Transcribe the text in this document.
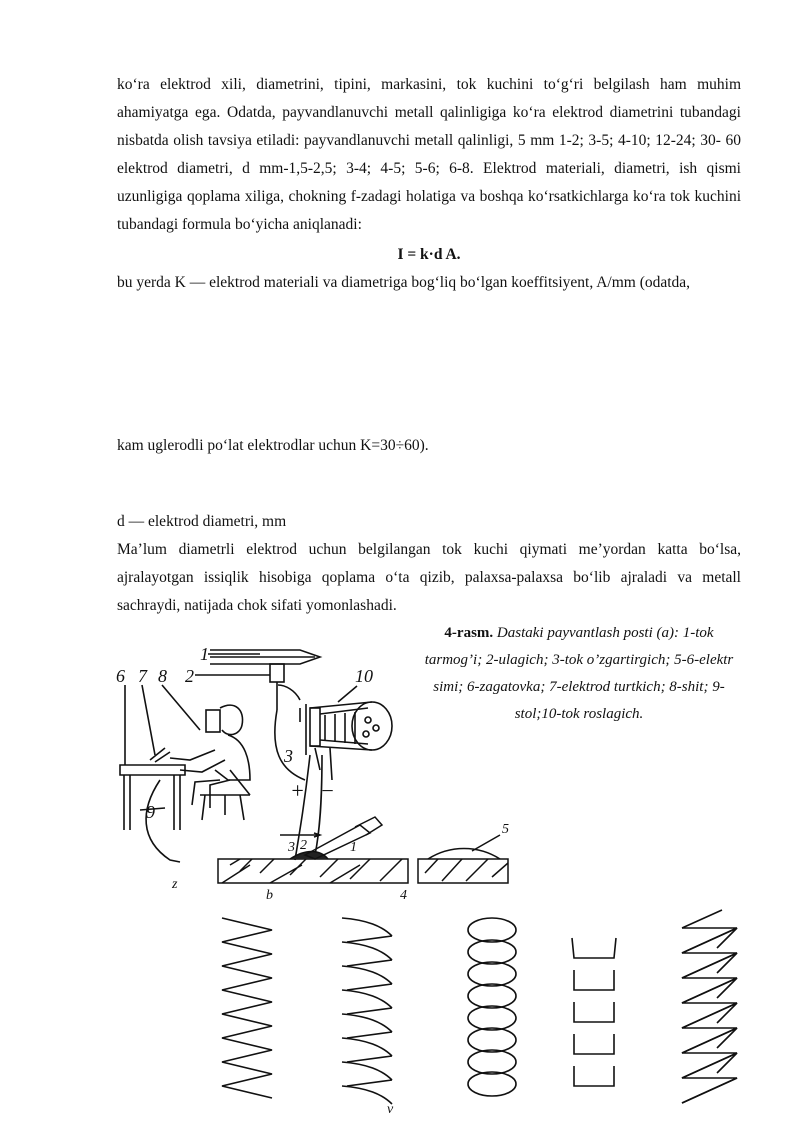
ko‘ra elektrod xili, diametrini, tipini, markasini, tok kuchini to‘g‘ri belgilash ham muhim ahamiyatga ega. Odatda, payvandlanuvchi metall qalinligiga ko‘ra elektrod diametrini tubandagi nisbatda olish tavsiya etiladi: payvandlanuvchi metall qalinligi, 5 mm 1-2; 3-5; 4-10; 12-24; 30- 60 elektrod diametri, d mm-1,5-2,5; 3-4; 4-5; 5-6; 6-8. Elektrod materiali, diametri, ish qismi uzunligiga qoplama xiliga, chokning f-zadagi holatiga va boshqa ko‘rsatkichlarga ko‘ra tok kuchini tubandagi formula bo‘yicha aniqlanadi:

I = k·d A.

bu yerda K — elektrod materiali va diametriga bog‘liq bo‘lgan koeffitsiyent, A/mm (odatda,

kam uglerodli po‘lat elektrodlar uchun K=30÷60).

d — elektrod diametri, mm

Ma’lum diametrli elektrod uchun belgilangan tok kuchi qiymati me’yordan katta bo‘lsa, ajralayotgan issiqlik hisobiga qoplama o‘ta qizib, palaxsa-palaxsa bo‘lib ajraladi va metall sachraydi, natijada chok sifati yomonlashadi.

4-rasm. Dastaki payvantlash posti (a): 1-tok tarmog’i; 2-ulagich; 3-tok o’zgartirgich; 5-6-elektr simi; 6-zagatovka; 7-elektrod turtkich; 8-shit; 9-stol;10-tok roslagich.
1
2	10
6 7 8
3
9
+ −
z
3 2	1
5
4
b
v
